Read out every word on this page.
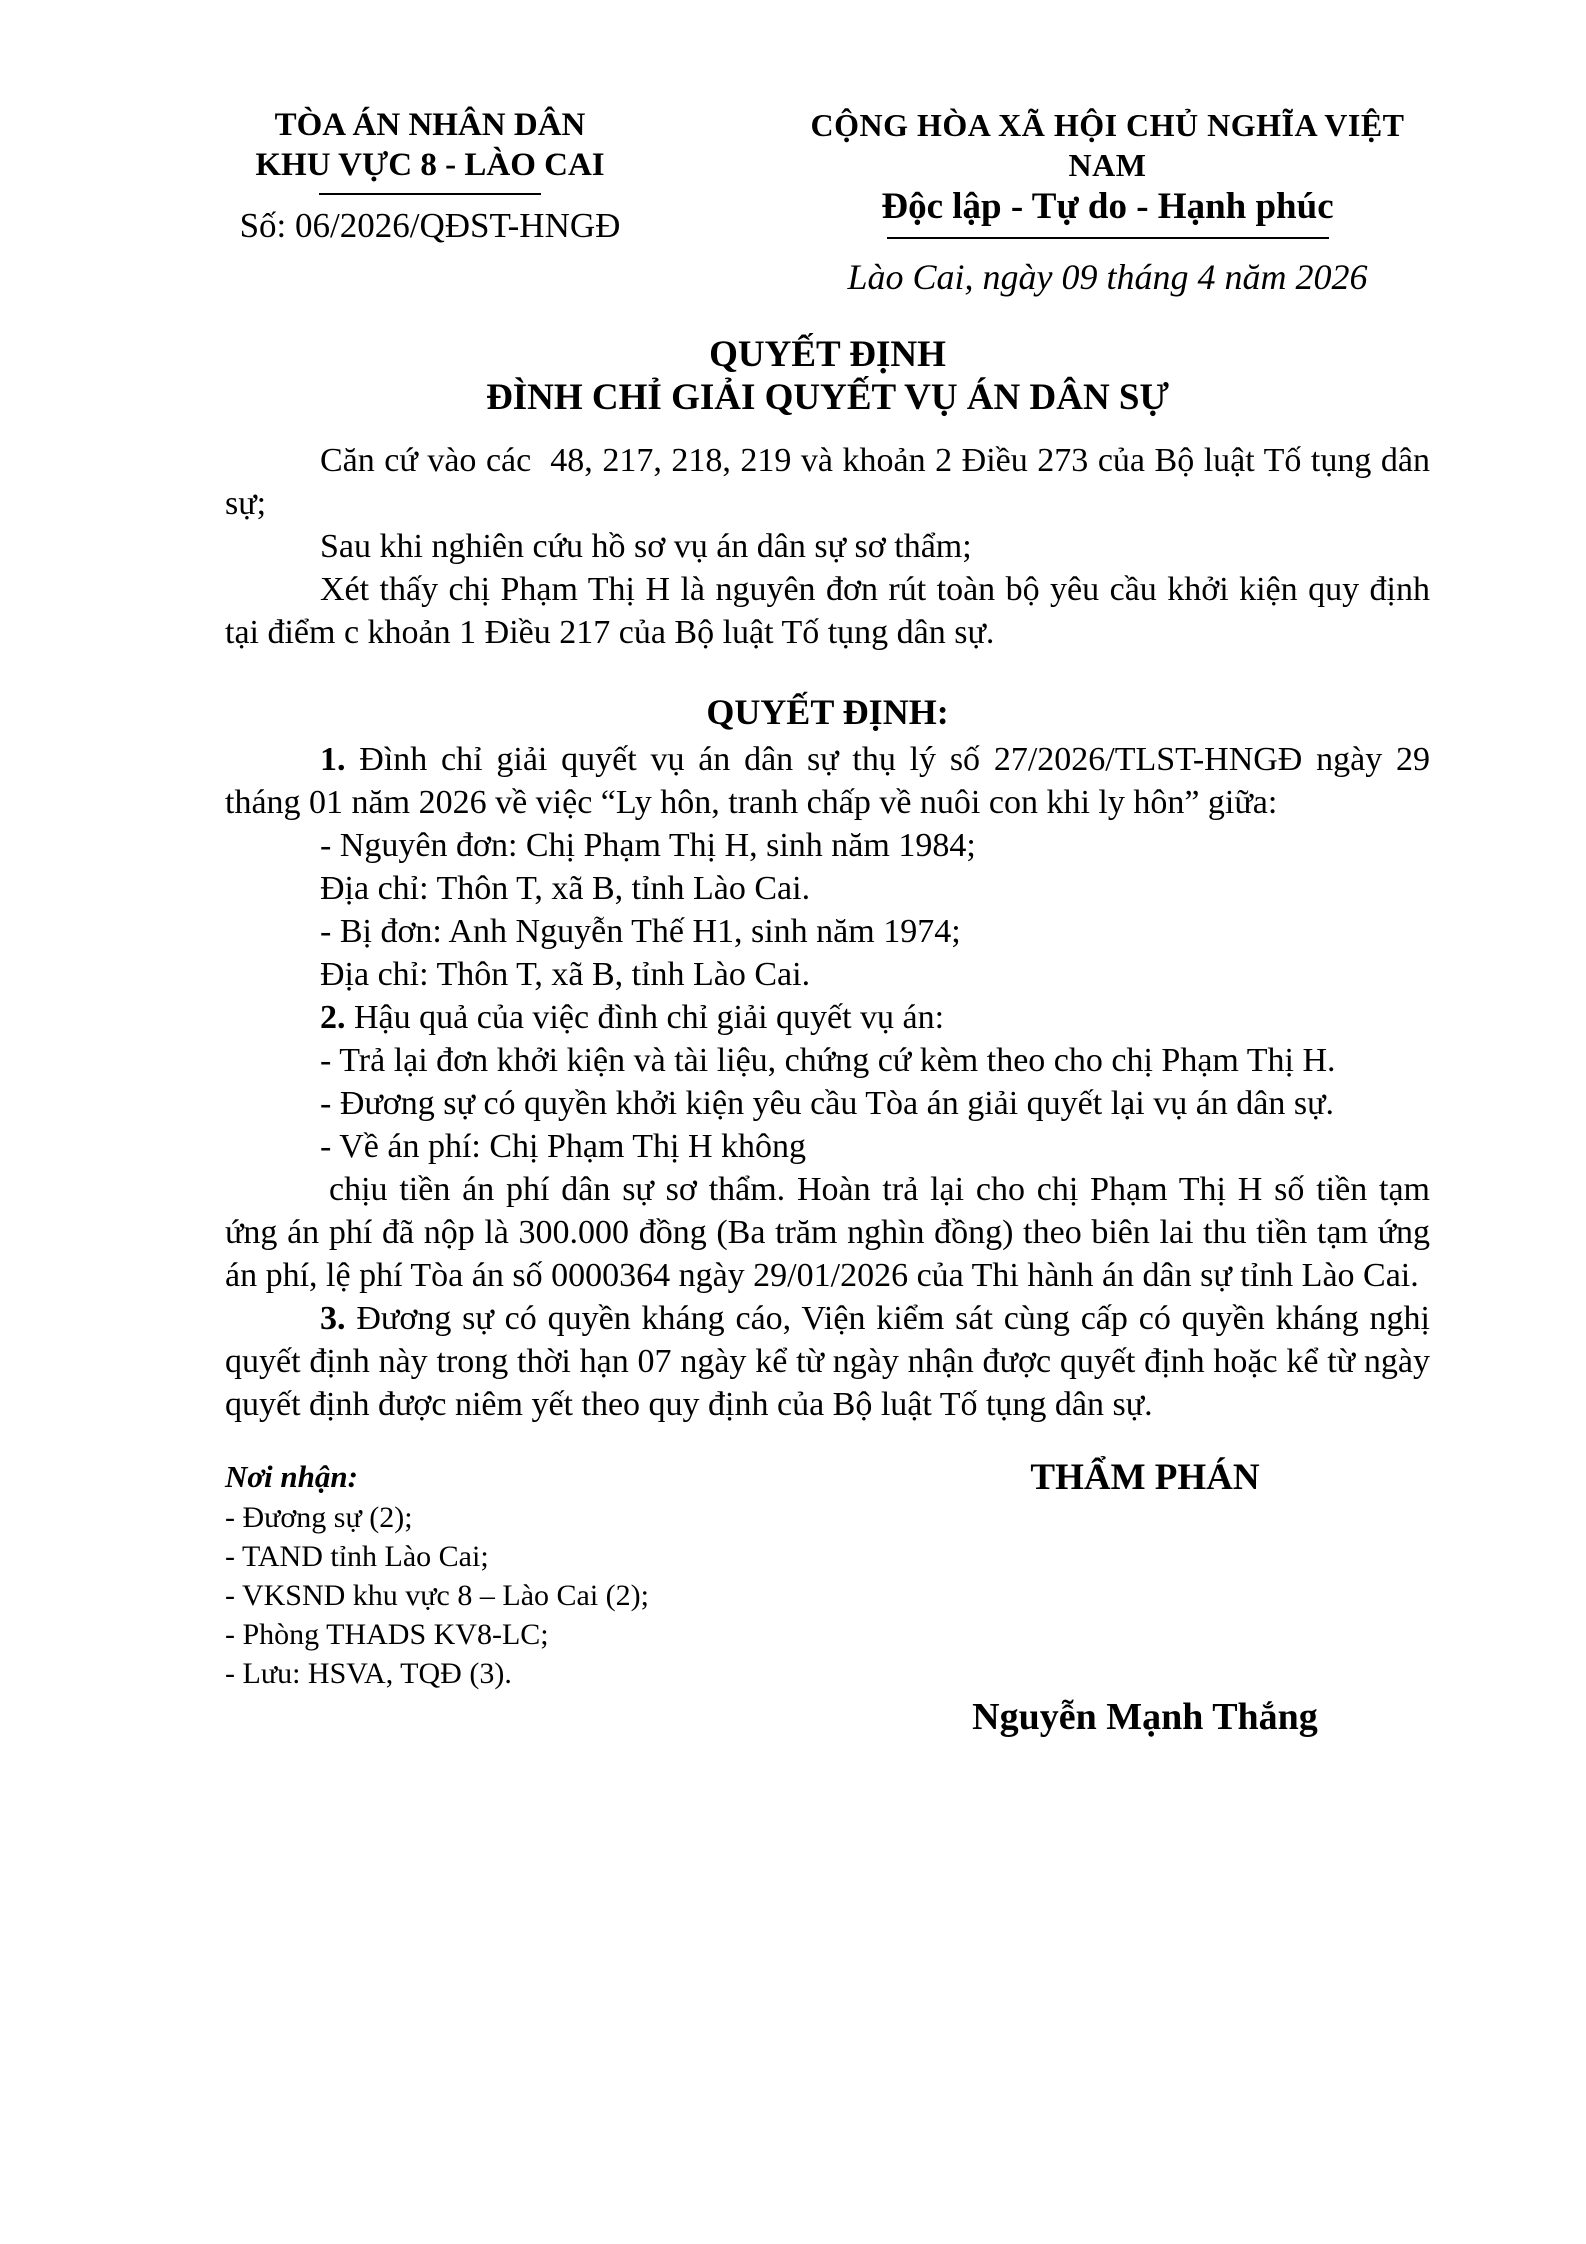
TÒA ÁN NHÂN DÂN
KHU VỰC 8 - LÀO CAI
Số: 06/2026/QĐST-HNGĐ
CỘNG HÒA XÃ HỘI CHỦ NGHĨA VIỆT NAM
Độc lập - Tự do - Hạnh phúc
Lào Cai, ngày 09 tháng 4 năm 2026
QUYẾT ĐỊNH
ĐÌNH CHỈ GIẢI QUYẾT VỤ ÁN DÂN SỰ

Căn cứ vào các  48, 217, 218, 219 và khoản 2 Điều 273 của Bộ luật Tố tụng dân sự;

Sau khi nghiên cứu hồ sơ vụ án dân sự sơ thẩm;

Xét thấy chị Phạm Thị H là nguyên đơn rút toàn bộ yêu cầu khởi kiện quy định tại điểm c khoản 1 Điều 217 của Bộ luật Tố tụng dân sự.

QUYẾT ĐỊNH:

1. Đình chỉ giải quyết vụ án dân sự thụ lý số 27/2026/TLST-HNGĐ ngày 29 tháng 01 năm 2026 về việc “Ly hôn, tranh chấp về nuôi con khi ly hôn” giữa:

- Nguyên đơn: Chị Phạm Thị H, sinh năm 1984;

Địa chỉ: Thôn T, xã B, tỉnh Lào Cai.

- Bị đơn: Anh Nguyễn Thế H1, sinh năm 1974;

Địa chỉ: Thôn T, xã B, tỉnh Lào Cai.

2. Hậu quả của việc đình chỉ giải quyết vụ án:

- Trả lại đơn khởi kiện và tài liệu, chứng cứ kèm theo cho chị Phạm Thị H.

- Đương sự có quyền khởi kiện yêu cầu Tòa án giải quyết lại vụ án dân sự.

- Về án phí: Chị Phạm Thị H không

chịu tiền án phí dân sự sơ thẩm. Hoàn trả lại cho chị Phạm Thị H số tiền tạm ứng án phí đã nộp là 300.000 đồng (Ba trăm nghìn đồng) theo biên lai thu tiền tạm ứng án phí, lệ phí Tòa án số 0000364 ngày 29/01/2026 của Thi hành án dân sự tỉnh Lào Cai.

3. Đương sự có quyền kháng cáo, Viện kiểm sát cùng cấp có quyền kháng nghị quyết định này trong thời hạn 07 ngày kể từ ngày nhận được quyết định hoặc kể từ ngày quyết định được niêm yết theo quy định của Bộ luật Tố tụng dân sự.

Nơi nhận:
- Đương sự (2);
- TAND tỉnh Lào Cai;
- VKSND khu vực 8 – Lào Cai (2);
- Phòng THADS KV8-LC;
- Lưu: HSVA, TQĐ (3).
THẨM PHÁN
Nguyễn Mạnh Thắng
